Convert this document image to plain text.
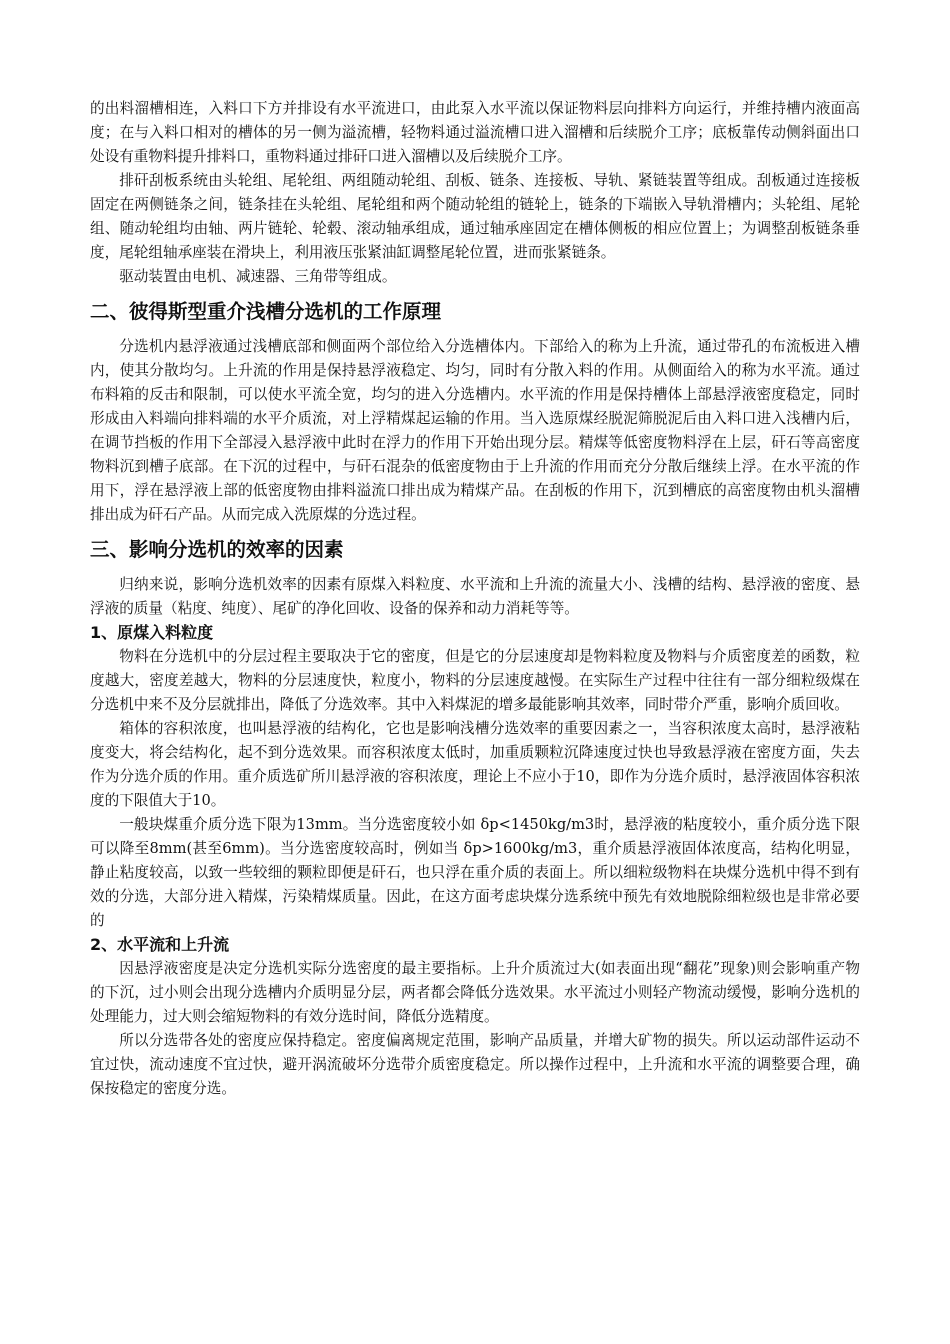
的出料溜槽相连，入料口下方并排设有水平流进口，由此泵入水平流以保证物料层向排料方向运行，并维持槽内液面高度；在与入料口相对的槽体的另一侧为溢流槽，轻物料通过溢流槽口进入溜槽和后续脱介工序；底板靠传动侧斜面出口处设有重物料提升排料口，重物料通过排矸口进入溜槽以及后续脱介工序。

排矸刮板系统由头轮组、尾轮组、两组随动轮组、刮板、链条、连接板、导轨、紧链装置等组成。刮板通过连接板固定在两侧链条之间，链条挂在头轮组、尾轮组和两个随动轮组的链轮上，链条的下端嵌入导轨滑槽内；头轮组、尾轮组、随动轮组均由轴、两片链轮、轮毂、滚动轴承组成，通过轴承座固定在槽体侧板的相应位置上；为调整刮板链条垂度，尾轮组轴承座装在滑块上，利用液压张紧油缸调整尾轮位置，进而张紧链条。

驱动装置由电机、减速器、三角带等组成。

二、彼得斯型重介浅槽分选机的工作原理

分选机内悬浮液通过浅槽底部和侧面两个部位给入分选槽体内。下部给入的称为上升流，通过带孔的布流板进入槽内，使其分散均匀。上升流的作用是保持悬浮液稳定、均匀，同时有分散入料的作用。从侧面给入的称为水平流。通过布料箱的反击和限制，可以使水平流全宽，均匀的进入分选槽内。水平流的作用是保持槽体上部悬浮液密度稳定，同时形成由入料端向排料端的水平介质流，对上浮精煤起运输的作用。当入选原煤经脱泥筛脱泥后由入料口进入浅槽内后，在调节挡板的作用下全部浸入悬浮液中此时在浮力的作用下开始出现分层。精煤等低密度物料浮在上层，矸石等高密度物料沉到槽子底部。在下沉的过程中，与矸石混杂的低密度物由于上升流的作用而充分分散后继续上浮。在水平流的作用下，浮在悬浮液上部的低密度物由排料溢流口排出成为精煤产品。在刮板的作用下，沉到槽底的高密度物由机头溜槽排出成为矸石产品。从而完成入洗原煤的分选过程。

三、影响分选机的效率的因素

归纳来说，影响分选机效率的因素有原煤入料粒度、水平流和上升流的流量大小、浅槽的结构、悬浮液的密度、悬浮液的质量（粘度、纯度）、尾矿的净化回收、设备的保养和动力消耗等等。

1、原煤入料粒度

物料在分选机中的分层过程主要取决于它的密度，但是它的分层速度却是物料粒度及物料与介质密度差的函数，粒度越大，密度差越大，物料的分层速度快，粒度小，物料的分层速度越慢。在实际生产过程中往往有一部分细粒级煤在分选机中来不及分层就排出，降低了分选效率。其中入料煤泥的增多最能影响其效率，同时带介严重，影响介质回收。

箱体的容积浓度，也叫悬浮液的结构化，它也是影响浅槽分选效率的重要因素之一，当容积浓度太高时，悬浮液粘度变大，将会结构化，起不到分选效果。而容积浓度太低时，加重质颗粒沉降速度过快也导致悬浮液在密度方面，失去作为分选介质的作用。重介质选矿所川悬浮液的容积浓度，理论上不应小于10，即作为分选介质时，悬浮液固体容积浓度的下限值大于10。

一般块煤重介质分选下限为13mm。当分选密度较小如 δp<1450kg/m3时，悬浮液的粘度较小，重介质分选下限可以降至8mm(甚至6mm)。当分选密度较高时，例如当 δp>1600kg/m3，重介质悬浮液固体浓度高，结构化明显，静止粘度较高，以致一些较细的颗粒即便是矸石，也只浮在重介质的表面上。所以细粒级物料在块煤分选机中得不到有效的分选，大部分进入精煤，污染精煤质量。因此，在这方面考虑块煤分选系统中预先有效地脱除细粒级也是非常必要的

2、水平流和上升流

因悬浮液密度是决定分选机实际分选密度的最主要指标。上升介质流过大(如表面出现“翻花”现象)则会影响重产物的下沉，过小则会出现分选槽内介质明显分层，两者都会降低分选效果。水平流过小则轻产物流动缓慢，影响分选机的处理能力，过大则会缩短物料的有效分选时间，降低分选精度。

所以分选带各处的密度应保持稳定。密度偏离规定范围，影响产品质量，并增大矿物的损失。所以运动部件运动不宜过快，流动速度不宜过快，避开涡流破坏分选带介质密度稳定。所以操作过程中，上升流和水平流的调整要合理，确保按稳定的密度分选。
